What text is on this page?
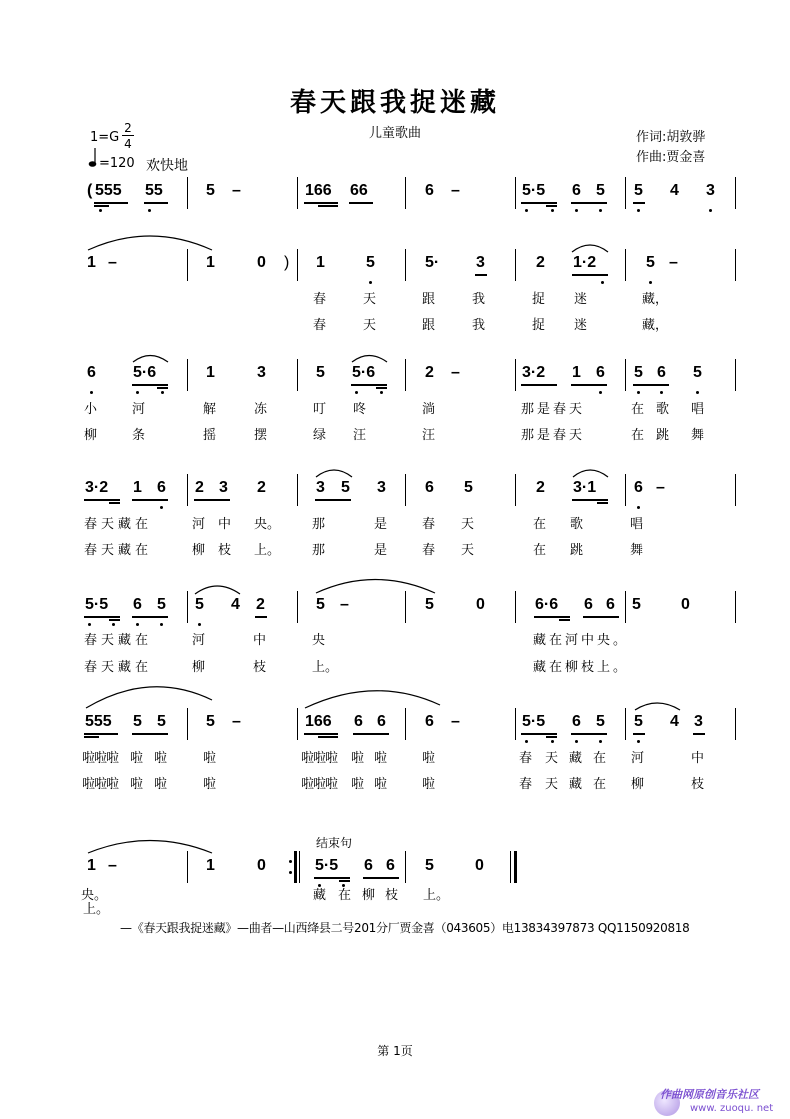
春天跟我捉迷藏
儿童歌曲
1=G
2
4
=120 欢快地
作词:胡敦骅
作曲:贾金喜
( 555 55	5 –	166 66	6 –	5·5 6 5 5 4 3
1 –	1	0 ) 1	5	5· 3	2 1·2	5 –
春	天	跟	我	捉 迷	藏，
春	天	跟	我	捉 迷	藏，
6 5·6	1	3	5 5·6	2 –	3·2 1 6 5 6 5
小	河	解	冻	叮 咚	淌	那是春天	在 歌 唱
柳	条	摇	摆	绿 汪	汪	那是春天	在 跳 舞
3·2 1 6 2 3 2	3 5 3 6 5	2 3·1 6 –
春天藏在	河 中 央。 那	是	春 天	在 歌	唱
春天藏在	柳 枝 上。 那	是	春 天	在 跳	舞
5·5 6 5 5 4 2	5 –	5	0	6·6 6 6 5	0
春天藏在	河	中	央	藏在河中央。
春天藏在	柳	枝	上。	藏在柳枝上。
555 5 5	5 –	166 6 6 6 –	5·5 6 5 5 4 3
啦啦啦 啦 啦	啦	啦啦啦 啦 啦	啦	春 天 藏 在 河	中
啦啦啦 啦 啦	啦	啦啦啦 啦 啦	啦	春 天 藏 在 柳	枝
结束句
1 –	1	0	5·5 6 6 5	0
央。	藏 在 柳 枝 上。
上。
—《春天跟我捉迷藏》—曲者—山西绛县二号201分厂贾金喜（043605）电13834397873 QQ1150920818
第 1页
作曲网原创音乐社区
www. zuoqu. net
